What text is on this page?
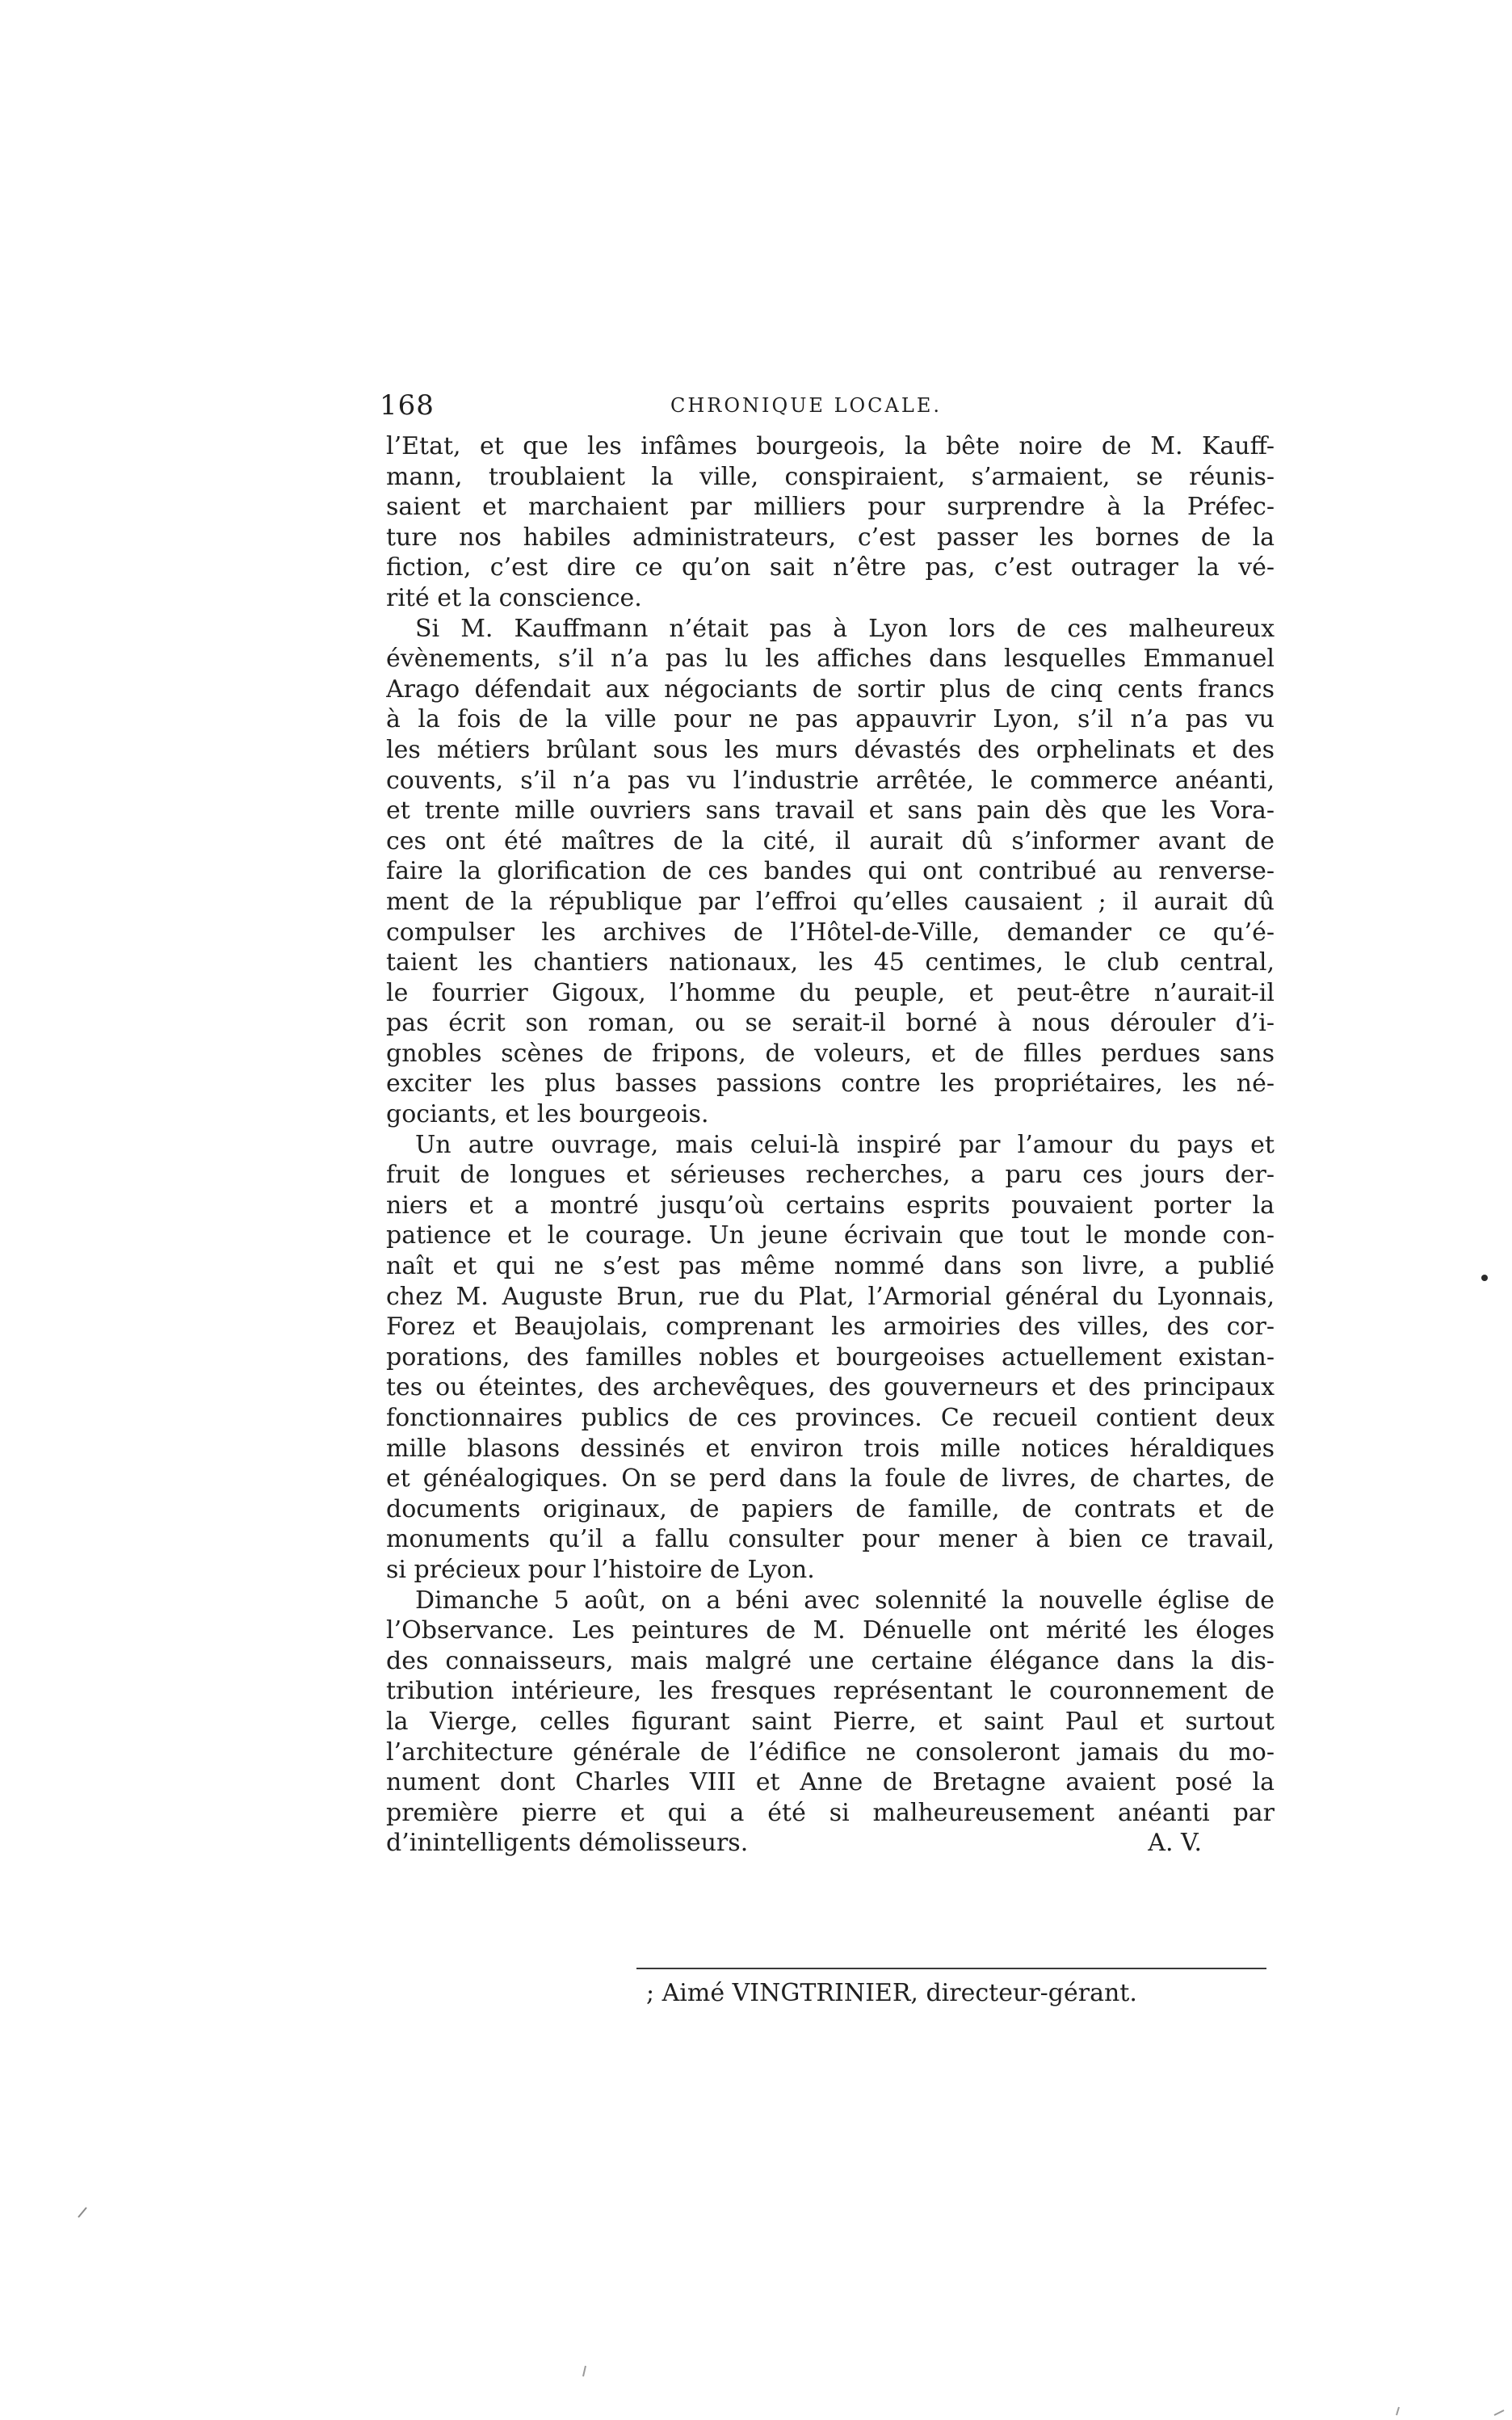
168	CHRONIQUE LOCALE.
l’Etat, et que les infâmes bourgeois, la bête noire de M. Kauff-
mann, troublaient la ville, conspiraient, s’armaient, se réunis-
saient et marchaient par milliers pour surprendre à la Préfec-
ture nos habiles administrateurs, c’est passer les bornes de la
fiction, c’est dire ce qu’on sait n’être pas, c’est outrager la vé-
rité et la conscience.
Si M. Kauffmann n’était pas à Lyon lors de ces malheureux
évènements, s’il n’a pas lu les affiches dans lesquelles Emmanuel
Arago défendait aux négociants de sortir plus de cinq cents francs
à la fois de la ville pour ne pas appauvrir Lyon, s’il n’a pas vu
les métiers brûlant sous les murs dévastés des orphelinats et des
couvents, s’il n’a pas vu l’industrie arrêtée, le commerce anéanti,
et trente mille ouvriers sans travail et sans pain dès que les Vora-
ces ont été maîtres de la cité, il aurait dû s’informer avant de
faire la glorification de ces bandes qui ont contribué au renverse-
ment de la république par l’effroi qu’elles causaient ; il aurait dû
compulser les archives de l’Hôtel-de-Ville, demander ce qu’é-
taient les chantiers nationaux, les 45 centimes, le club central,
le fourrier Gigoux, l’homme du peuple, et peut-être n’aurait-il
pas écrit son roman, ou se serait-il borné à nous dérouler d’i-
gnobles scènes de fripons, de voleurs, et de filles perdues sans
exciter les plus basses passions contre les propriétaires, les né-
gociants, et les bourgeois.
Un autre ouvrage, mais celui-là inspiré par l’amour du pays et
fruit de longues et sérieuses recherches, a paru ces jours der-
niers et a montré jusqu’où certains esprits pouvaient porter la
patience et le courage. Un jeune écrivain que tout le monde con-
naît et qui ne s’est pas même nommé dans son livre, a publié
chez M. Auguste Brun, rue du Plat, l’Armorial général du Lyonnais,
Forez et Beaujolais, comprenant les armoiries des villes, des cor-
porations, des familles nobles et bourgeoises actuellement existan-
tes ou éteintes, des archevêques, des gouverneurs et des principaux
fonctionnaires publics de ces provinces. Ce recueil contient deux
mille blasons dessinés et environ trois mille notices héraldiques
et généalogiques. On se perd dans la foule de livres, de chartes, de
documents originaux, de papiers de famille, de contrats et de
monuments qu’il a fallu consulter pour mener à bien ce travail,
si précieux pour l’histoire de Lyon.
Dimanche 5 août, on a béni avec solennité la nouvelle église de
l’Observance. Les peintures de M. Dénuelle ont mérité les éloges
des connaisseurs, mais malgré une certaine élégance dans la dis-
tribution intérieure, les fresques représentant le couronnement de
la Vierge, celles figurant saint Pierre, et saint Paul et surtout
l’architecture générale de l’édifice ne consoleront jamais du mo-
nument dont Charles VIII et Anne de Bretagne avaient posé la
première pierre et qui a été si malheureusement anéanti par
d’inintelligents démolisseurs.	A. V.
; Aimé VINGTRINIER, directeur-gérant.
